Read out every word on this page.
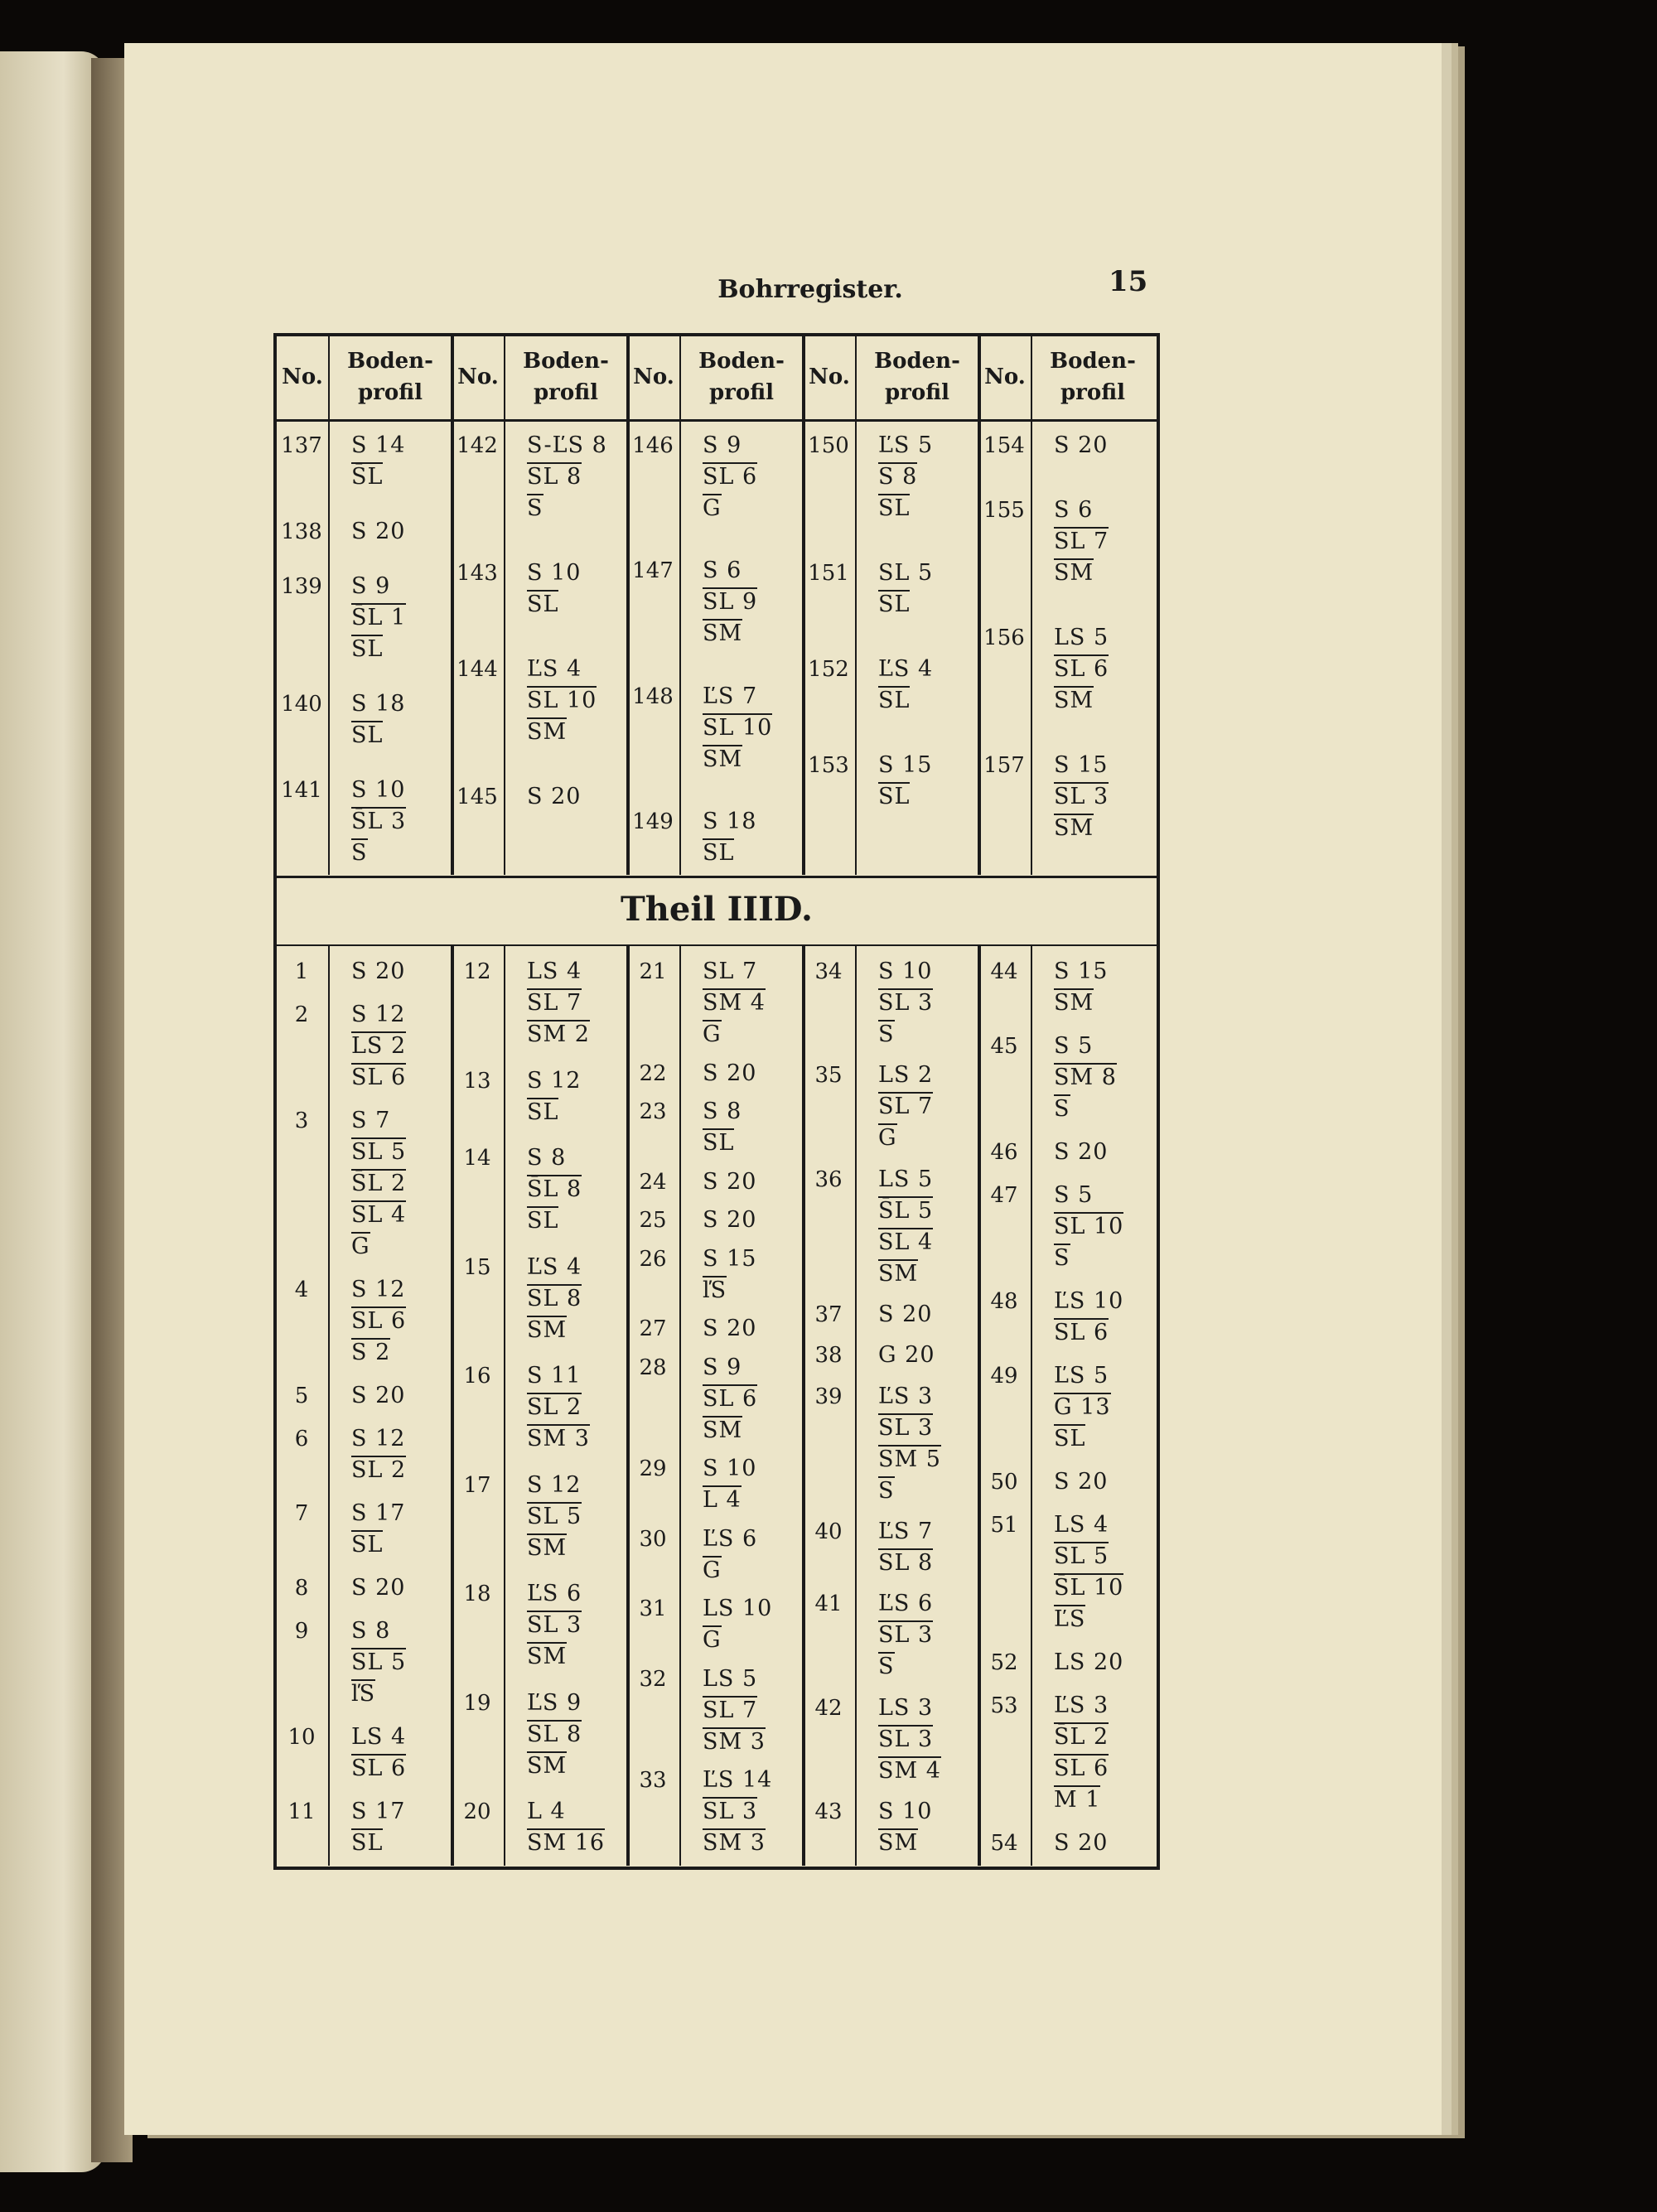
Bohrregister.	15
No.
Boden-
profil
No.
Boden-
profil
No.
Boden-
profil
No.
Boden-
profil
No.
Boden-
profil
Theil IIID.
137	S 14
S̄L
138	S 20
139	S 9
S̄L 1
SL
140	S 18
SL
141	S 10
S̄L 3
S
142	S-ĽS 8
SL 8
S
143	S 10
SL
144	ĽS 4
SL 10
SM
145	S 20
146	S 9
SL 6
G
147	S 6
SL 9
SM
148	ĽS 7
SL 10
SM
149	S 18
SL
150	ĽS 5
S 8
SL
151	SL 5
SL
152	ĽS 4
SL
153	S 15
SL
154	S 20
155	S 6
SL 7
SM
156	LS 5
SL 6
SM
157	S 15
SL 3
SM
1	S 20
2	S 12
LS 2
SL 6
3	S 7
SL 5
S̄L 2
SL 4
G
4	S 12
SL 6
S 2
5	S 20
6	S 12
SL 2
7	S 17
SL
8	S 20
9	S 8
SL 5
ľS
10	LS 4
SL 6
11	S 17
SL
12	LS 4
SL 7
SM 2
13	S 12
SL
14	S 8
S̄L 8
SL
15	ĽS 4
SL 8
SM
16	S 11
SL 2
SM 3
17	S 12
SL 5
SM
18	ĽS 6
SL 3
SM
19	ĽS 9
SL 8
SM
20	L 4
SM 16
21	SL 7
SM 4
G
22	S 20
23	S 8
SL
24	S 20
25	S 20
26	S 15
ľS
27	S 20
28	S 9
SL 6
SM
29	S 10
L 4
30	ĽS 6
G
31	LS 10
G
32	LS 5
SL 7
SM 3
33	ĽS 14
SL 3
SM 3
34	S 10
SL 3
S
35	LS 2
SL 7
G
36	LS 5
S̄L 5
SL 4
SM
37	S 20
38	G 20
39	ĽS 3
SL 3
SM 5
S
40	ĽS 7
SL 8
41	ĽS 6
SL 3
S
42	LS 3
SL 3
SM 4
43	S 10
SM
44	S 15
SM
45	S 5
SM 8
S
46	S 20
47	S 5
SL 10
S
48	ĽS 10
SL 6
49	ĽS 5
G 13
SL
50	S 20
51	LS 4
SL 5
S̄L 10
ĽS
52	LS 20
53	ĽS 3
S̄L 2
SL 6
M 1
54	S 20
